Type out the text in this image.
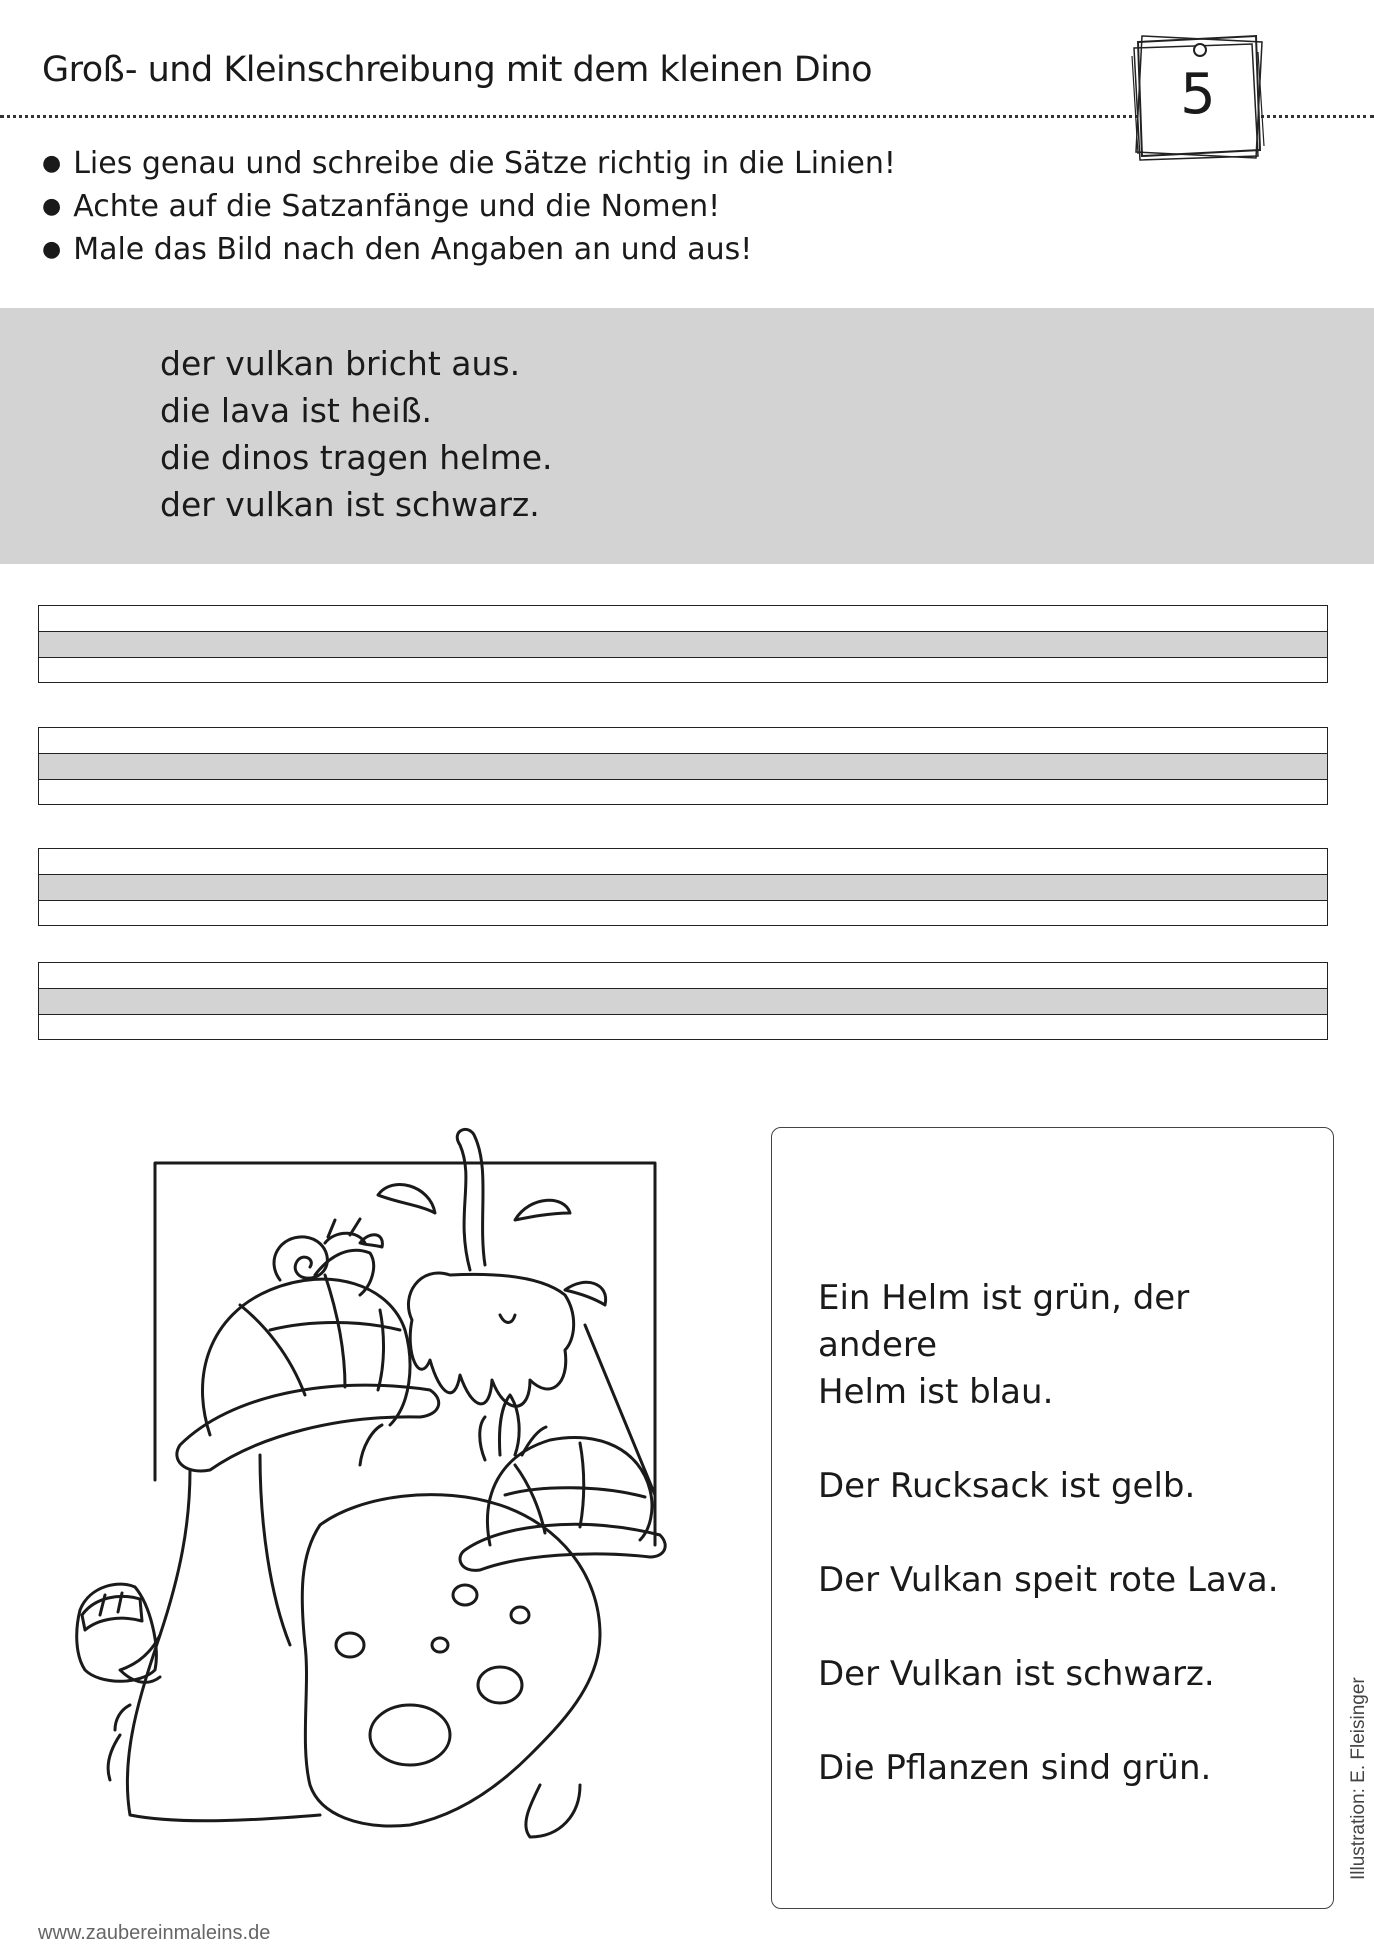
Groß- und Kleinschreibung mit dem kleinen Dino	5
● Lies genau und schreibe die Sätze richtig in die Linien!
● Achte auf die Satzanfänge und die Nomen!
● Male das Bild nach den Angaben an und aus!
der vulkan bricht aus.
die lava ist heiß.
die dinos tragen helme.
der vulkan ist schwarz.
Ein Helm ist grün, der andere

Helm ist blau.

Der Rucksack ist gelb.

Der Vulkan speit rote Lava.

Der Vulkan ist schwarz.

Die Pflanzen sind grün.	Illustration: E. Fleisinger
www.zaubereinmaleins.de
